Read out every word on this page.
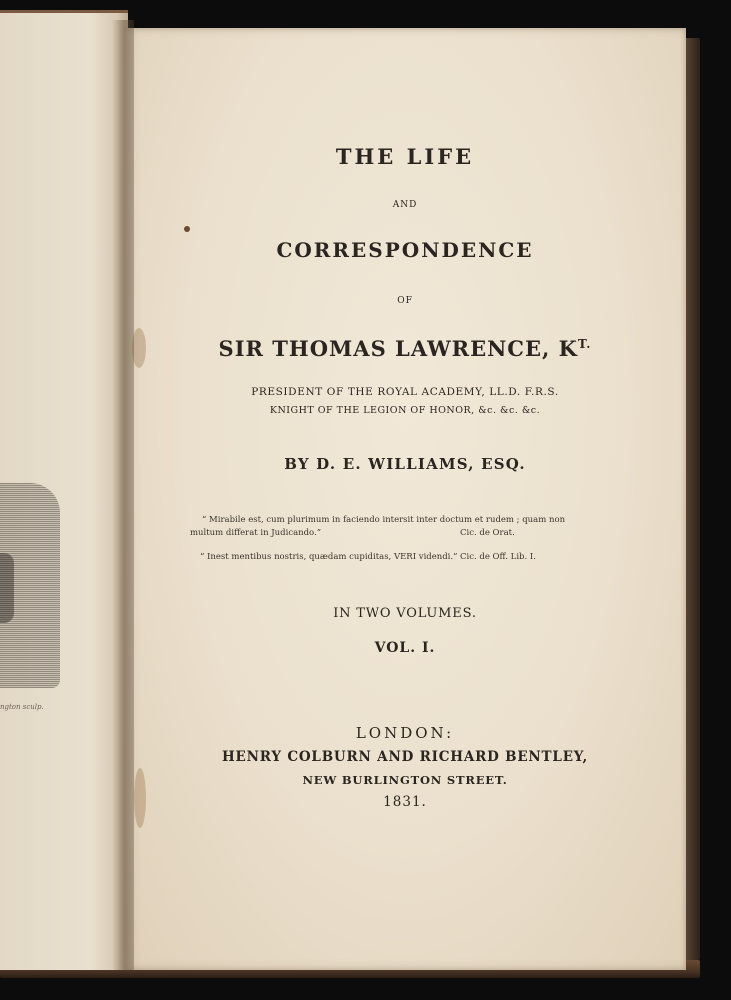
ngton sculp.

THE LIFE

AND

CORRESPONDENCE

OF

SIR THOMAS LAWRENCE, $K^{T.}$

PRESIDENT OF THE ROYAL ACADEMY, LL.D. F.R.S.

KNIGHT OF THE LEGION OF HONOR, &c. &c. &c.

BY D. E. WILLIAMS, ESQ.

“ Mirabile est, cum plurimum in faciendo intersit inter doctum et rudem ; quam non

multum differat in Judicando.”	Cic. de Orat.

“ Inest mentibus nostris, quædam cupiditas, VERI videndi.” Cic. de Off. Lib. I.

IN TWO VOLUMES.

VOL. I.

LONDON:

HENRY COLBURN AND RICHARD BENTLEY,

NEW BURLINGTON STREET.

1831.
